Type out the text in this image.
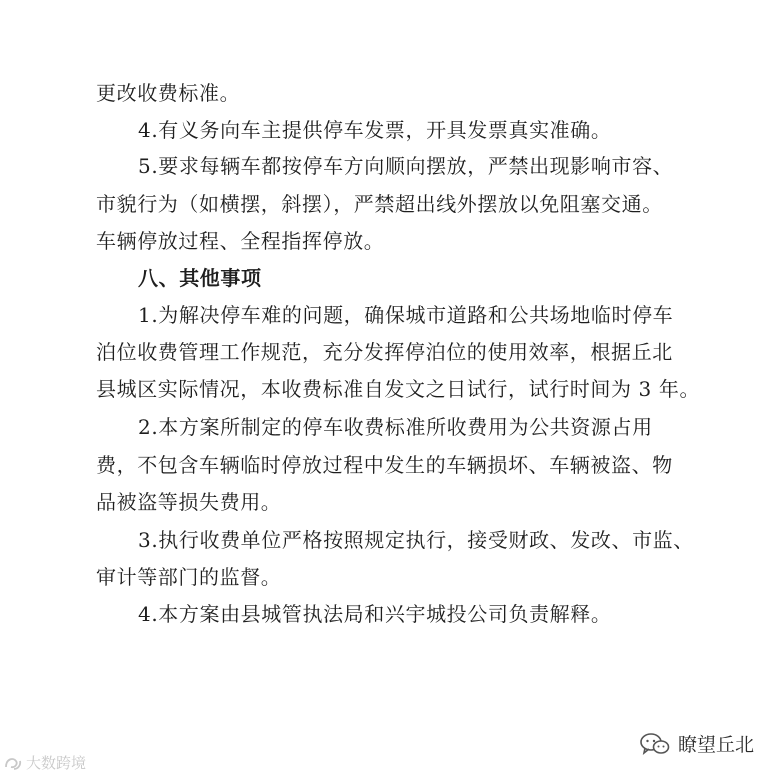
更改收费标准。
4.有义务向车主提供停车发票，开具发票真实准确。
5.要求每辆车都按停车方向顺向摆放，严禁出现影响市容、
市貌行为（如横摆，斜摆），严禁超出线外摆放以免阻塞交通。
车辆停放过程、全程指挥停放。
八、其他事项
1.为解决停车难的问题，确保城市道路和公共场地临时停车
泊位收费管理工作规范，充分发挥停泊位的使用效率，根据丘北
县城区实际情况，本收费标准自发文之日试行，试行时间为 3 年。
2.本方案所制定的停车收费标准所收费用为公共资源占用
费，不包含车辆临时停放过程中发生的车辆损坏、车辆被盗、物
品被盗等损失费用。
3.执行收费单位严格按照规定执行，接受财政、发改、市监、
审计等部门的监督。
4.本方案由县城管执法局和兴宇城投公司负责解释。
瞭望丘北
大数跨境
